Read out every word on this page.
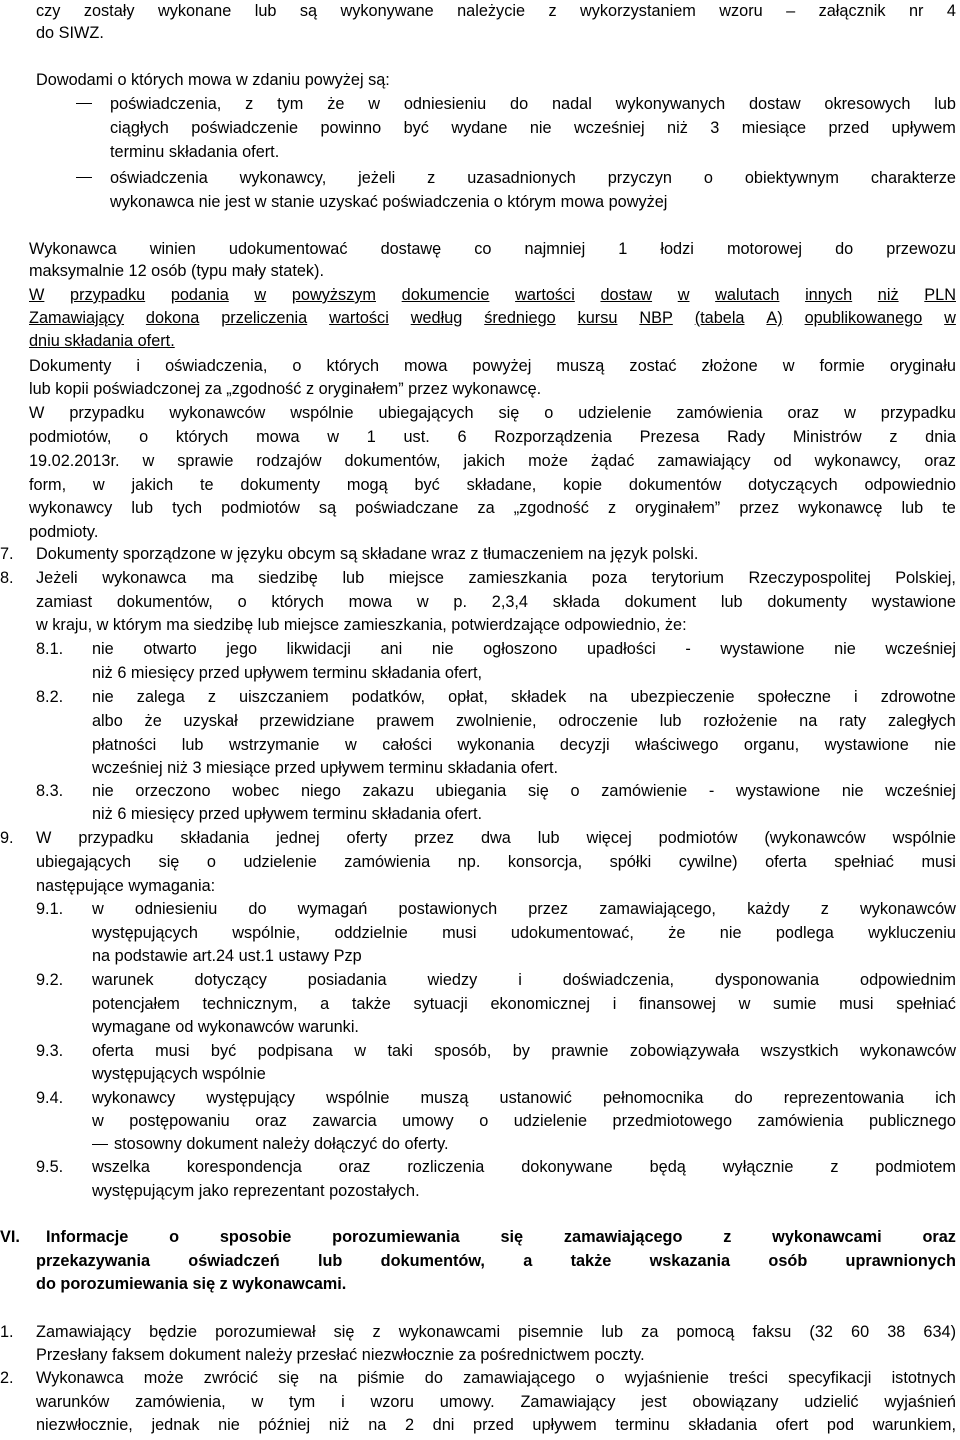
czy zostały wykonane lub są wykonywane należycie z wykorzystaniem wzoru – załącznik nr 4
do SIWZ.
Dowodami o których mowa w zdaniu powyżej są:
poświadczenia, z tym że w odniesieniu do nadal wykonywanych dostaw okresowych lub
ciągłych poświadczenie powinno być wydane nie wcześniej niż 3 miesiące przed upływem
terminu składania ofert.
oświadczenia wykonawcy, jeżeli z uzasadnionych przyczyn o obiektywnym charakterze
wykonawca nie jest w stanie uzyskać poświadczenia o którym mowa powyżej
Wykonawca winien udokumentować dostawę co najmniej 1 łodzi motorowej do przewozu
maksymalnie 12 osób (typu mały statek).
W przypadku podania w powyższym dokumencie wartości dostaw w walutach innych niż PLN
Zamawiający dokona przeliczenia wartości według średniego kursu NBP (tabela A) opublikowanego w
dniu składania ofert.
Dokumenty i oświadczenia, o których mowa powyżej muszą zostać złożone w formie oryginału
lub kopii poświadczonej za „zgodność z oryginałem” przez wykonawcę.
W przypadku wykonawców wspólnie ubiegających się o udzielenie zamówienia oraz w przypadku
podmiotów, o których mowa w 1 ust. 6 Rozporządzenia Prezesa Rady Ministrów z dnia
19.02.2013r. w sprawie rodzajów dokumentów, jakich może żądać zamawiający od wykonawcy, oraz
form, w jakich te dokumenty mogą być składane, kopie dokumentów dotyczących odpowiednio
wykonawcy lub tych podmiotów są poświadczane za „zgodność z oryginałem” przez wykonawcę lub te
podmioty.
7. Dokumenty sporządzone w języku obcym są składane wraz z tłumaczeniem na język polski.
8. Jeżeli wykonawca ma siedzibę lub miejsce zamieszkania poza terytorium Rzeczypospolitej Polskiej,
zamiast dokumentów, o których mowa w p. 2,3,4 składa dokument lub dokumenty wystawione
w kraju, w którym ma siedzibę lub miejsce zamieszkania, potwierdzające odpowiednio, że:
8.1. nie otwarto jego likwidacji ani nie ogłoszono upadłości - wystawione nie wcześniej
niż 6 miesięcy przed upływem terminu składania ofert,
8.2. nie zalega z uiszczaniem podatków, opłat, składek na ubezpieczenie społeczne i zdrowotne
albo że uzyskał przewidziane prawem zwolnienie, odroczenie lub rozłożenie na raty zaległych
płatności lub wstrzymanie w całości wykonania decyzji właściwego organu, wystawione nie
wcześniej niż 3 miesiące przed upływem terminu składania ofert.
8.3. nie orzeczono wobec niego zakazu ubiegania się o zamówienie - wystawione nie wcześniej
niż 6 miesięcy przed upływem terminu składania ofert.
9. W przypadku składania jednej oferty przez dwa lub więcej podmiotów (wykonawców wspólnie
ubiegających się o udzielenie zamówienia np. konsorcja, spółki cywilne) oferta spełniać musi
następujące wymagania:
9.1. w odniesieniu do wymagań postawionych przez zamawiającego, każdy z wykonawców
występujących wspólnie, oddzielnie musi udokumentować, że nie podlega wykluczeniu
na podstawie art.24 ust.1 ustawy Pzp
9.2. warunek	dotyczący	posiadania	wiedzy	i	doświadczenia,	dysponowania	odpowiednim
potencjałem technicznym, a także sytuacji ekonomicznej i finansowej w sumie musi spełniać
wymagane od wykonawców warunki.
9.3. oferta musi być podpisana w taki sposób, by prawnie zobowiązywała wszystkich wykonawców
występujących wspólnie
9.4. wykonawcy występujący wspólnie muszą ustanowić pełnomocnika do reprezentowania ich
w postępowaniu oraz zawarcia umowy o udzielenie przedmiotowego zamówienia publicznego
stosowny dokument należy dołączyć do oferty.
9.5. wszelka korespondencja oraz rozliczenia dokonywane będą wyłącznie z podmiotem
występującym jako reprezentant pozostałych.
VI. Informacje	o	sposobie	porozumiewania	się	zamawiającego	z	wykonawcami	oraz
przekazywania oświadczeń lub dokumentów, a także wskazania osób uprawnionych
do porozumiewania się z wykonawcami.
1. Zamawiający będzie porozumiewał się z wykonawcami pisemnie lub za pomocą faksu (32 60 38 634)
Przesłany faksem dokument należy przesłać niezwłocznie za pośrednictwem poczty.
2. Wykonawca może zwrócić się na piśmie do zamawiającego o wyjaśnienie treści specyfikacji istotnych
warunków zamówienia, w tym i wzoru umowy. Zamawiający jest obowiązany udzielić wyjaśnień
niezwłocznie, jednak nie później niż na 2 dni przed upływem terminu składania ofert pod warunkiem,
